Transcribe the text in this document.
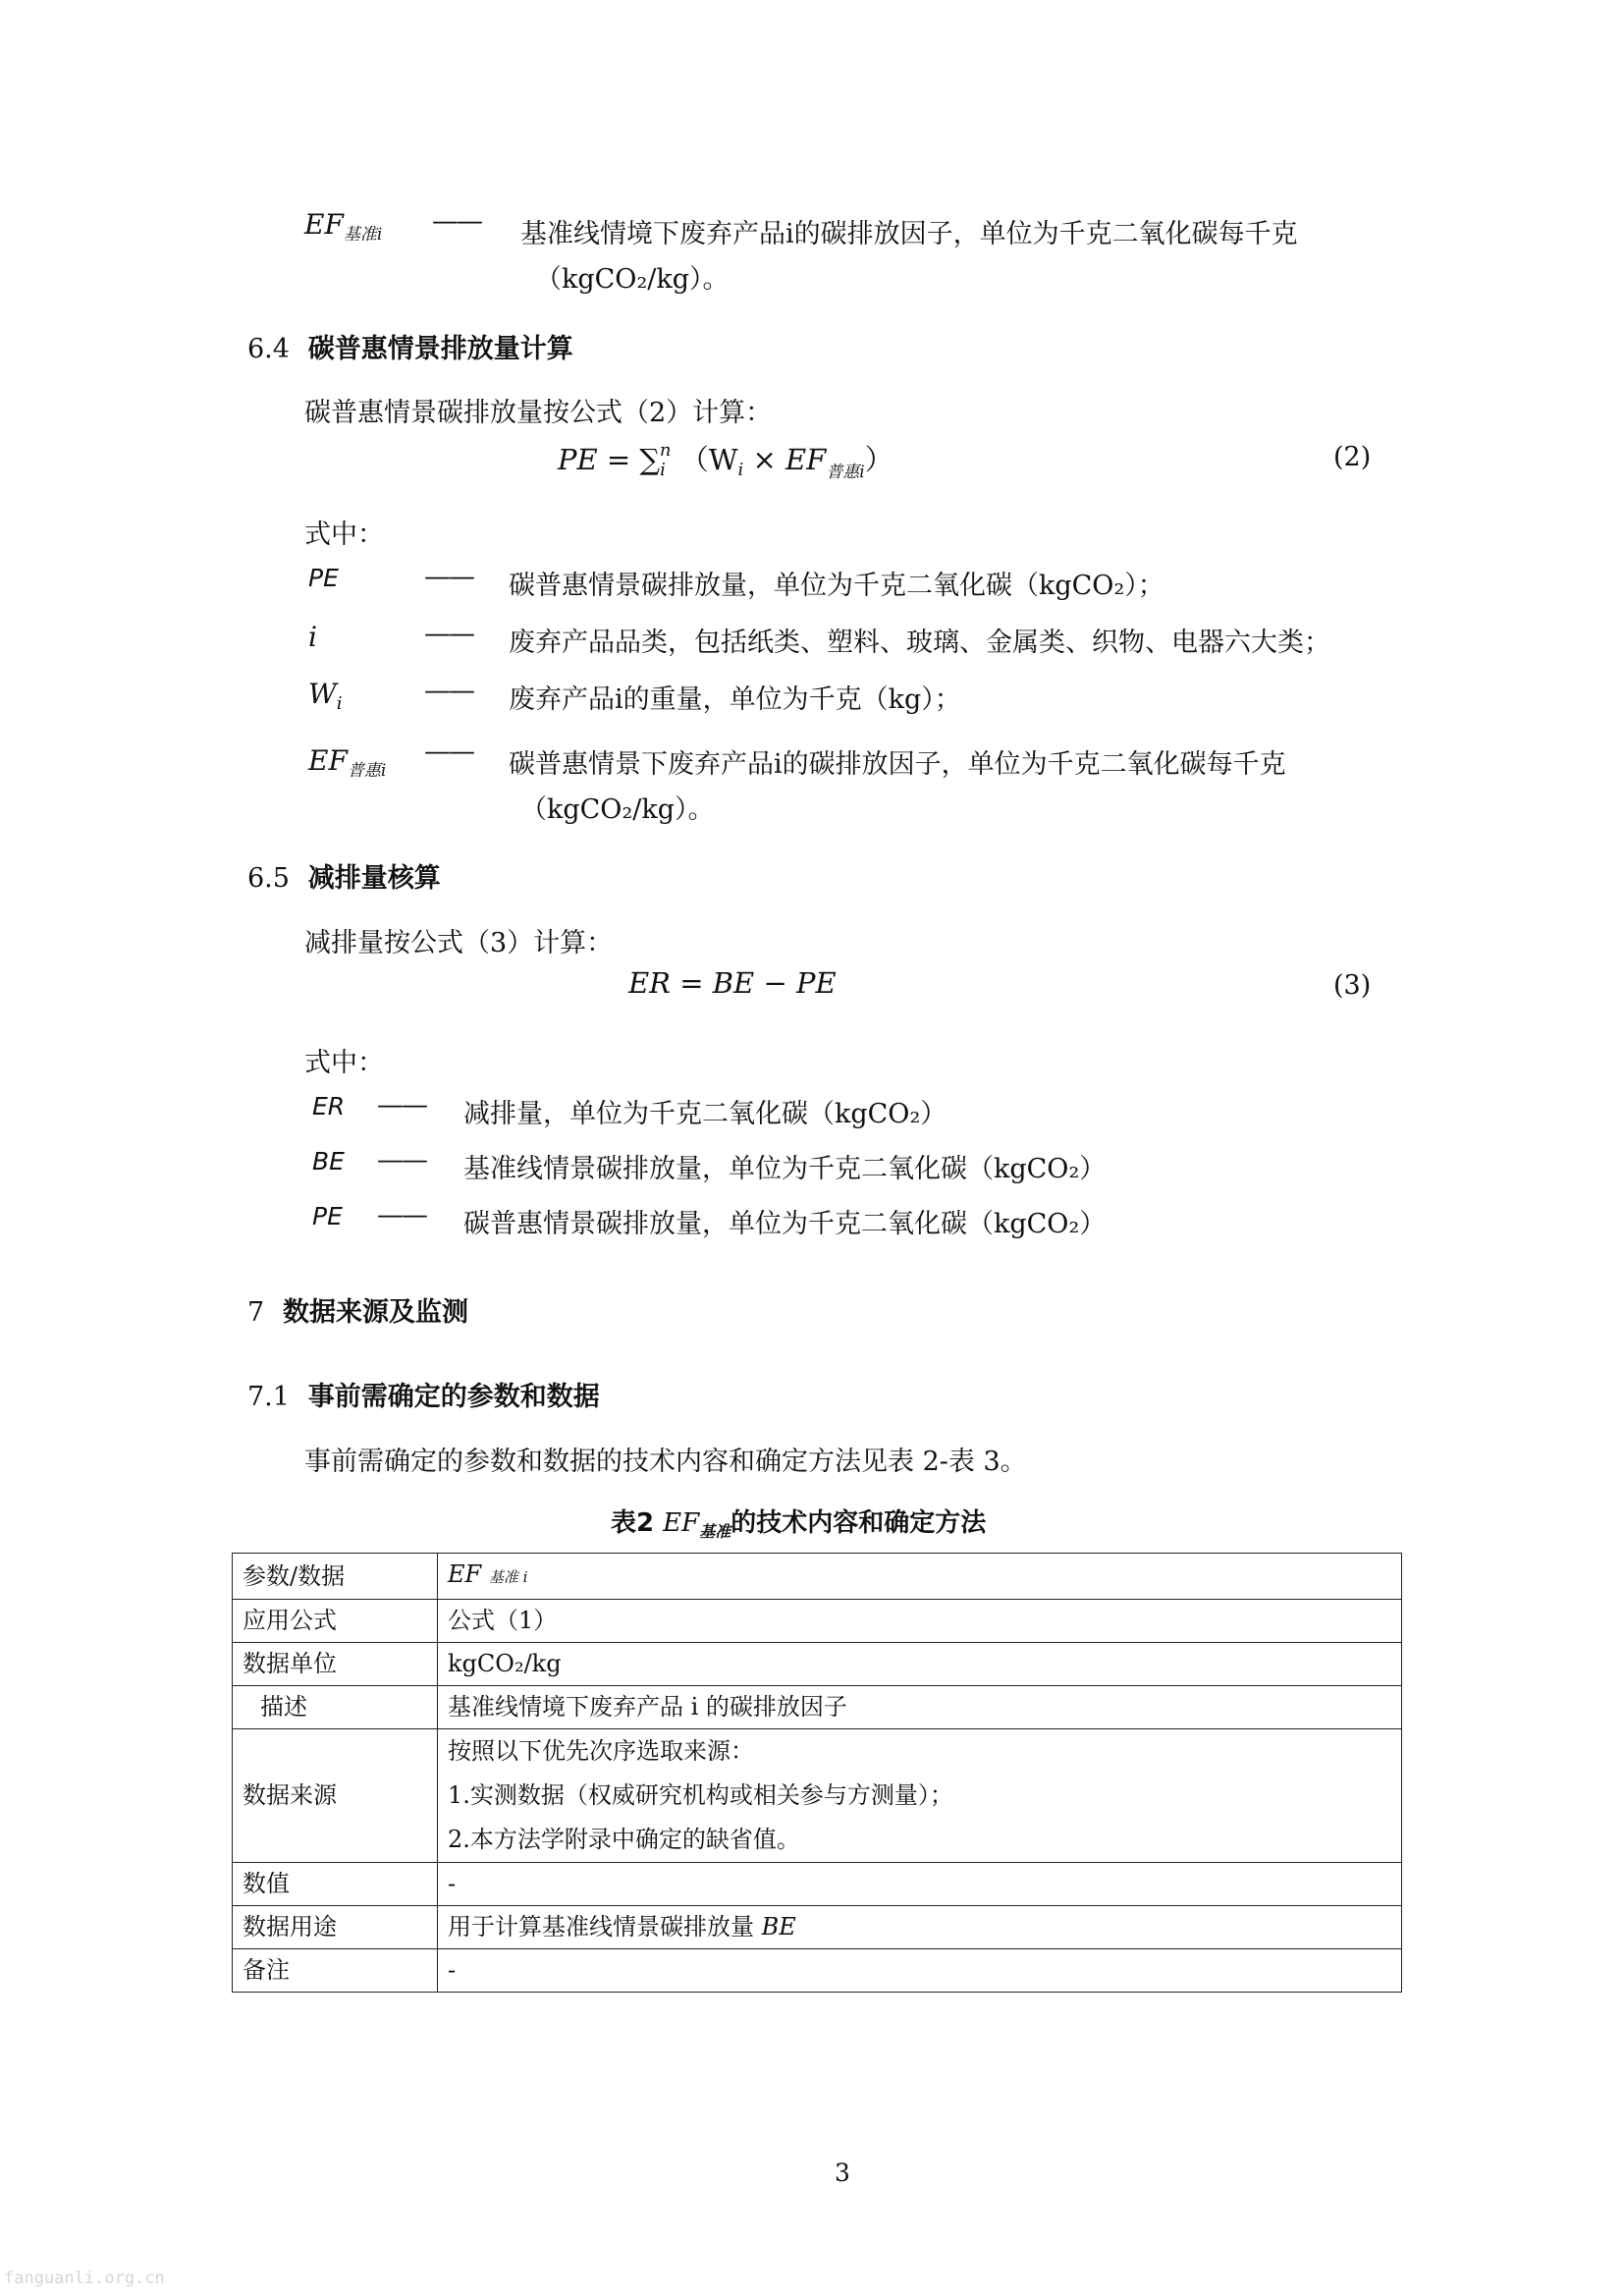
$EF_{基准i}$ —— 基准线情境下废弃产品i的碳排放因子，单位为千克二氧化碳每千克
（kgCO₂/kg）。
6.4 碳普惠情景排放量计算
碳普惠情景碳排放量按公式（2）计算：
PE = $\sum_i^n$ $(W_i \times EF_{普惠i})$	(2)
式中：
PE	—— 碳普惠情景碳排放量，单位为千克二氧化碳（kgCO₂）；
i	—— 废弃产品品类，包括纸类、塑料、玻璃、金属类、织物、电器六大类；
$W_i$	—— 废弃产品i的重量，单位为千克（kg）；
$EF_{普惠i}$
—— 碳普惠情景下废弃产品i的碳排放因子，单位为千克二氧化碳每千克
（kgCO₂/kg）。
6.5 减排量核算
减排量按公式（3）计算：
ER = BE − PE	(3)
式中：
ER —— 减排量，单位为千克二氧化碳（kgCO₂）
BE —— 基准线情景碳排放量，单位为千克二氧化碳（kgCO₂）
PE —— 碳普惠情景碳排放量，单位为千克二氧化碳（kgCO₂）
7 数据来源及监测
7.1 事前需确定的参数和数据
事前需确定的参数和数据的技术内容和确定方法见表 2-表 3。
表2 $EF_{基准}$的技术内容和确定方法
参数/数据	EF 基准 i
应用公式	公式（1）
数据单位	kgCO₂/kg
描述	基准线情境下废弃产品 i 的碳排放因子
数据来源	按照以下优先次序选取来源：
1.实测数据（权威研究机构或相关参与方测量）；
2.本方法学附录中确定的缺省值。

数值	-
数据用途	用于计算基准线情景碳排放量 BE
备注	-
3
fanguanli.org.cn
